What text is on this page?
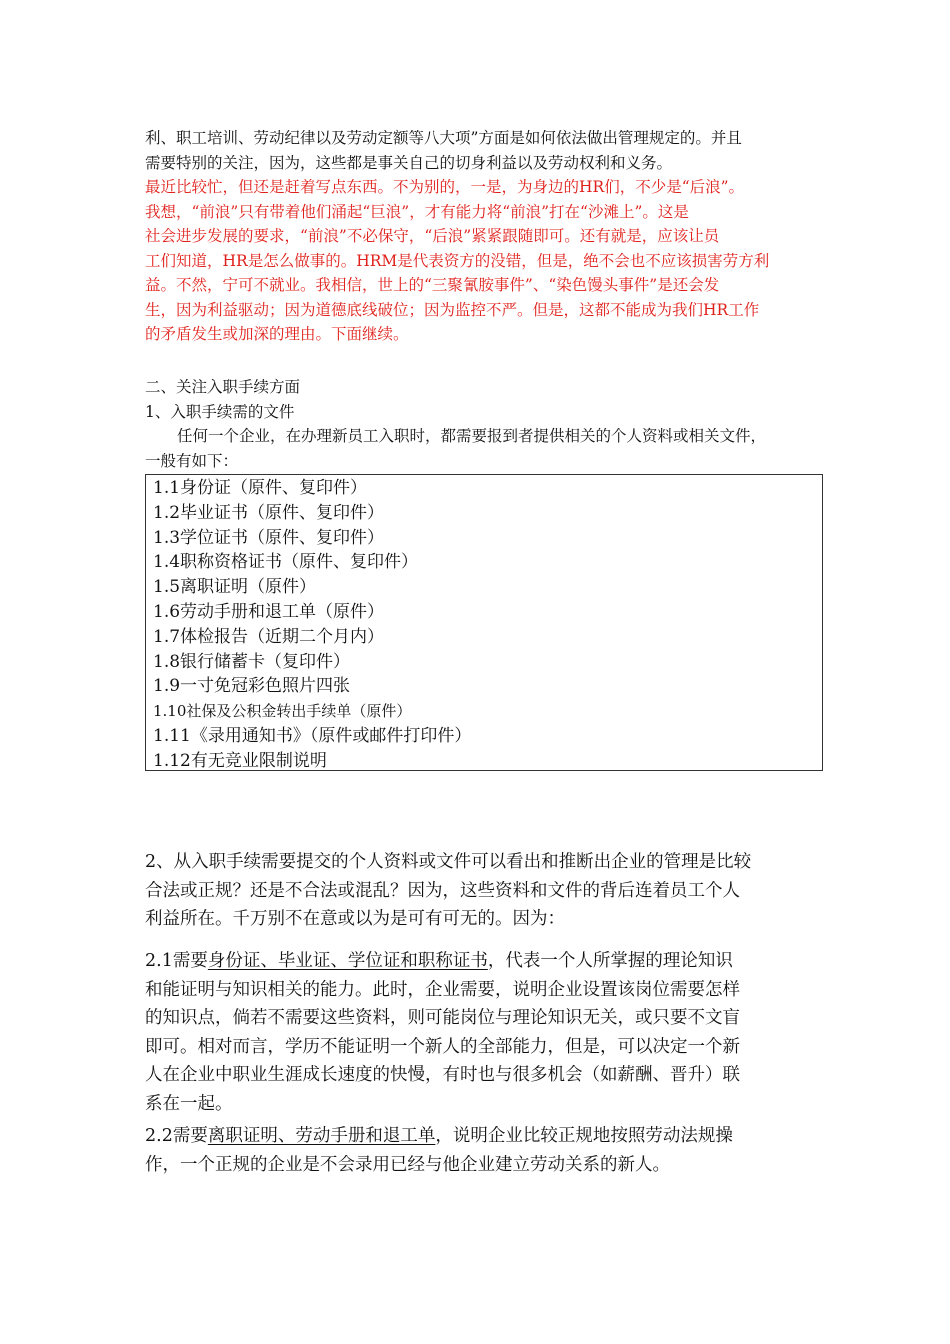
利、职工培训、劳动纪律以及劳动定额等八大项”方面是如何依法做出管理规定的。并且

需要特别的关注，因为，这些都是事关自己的切身利益以及劳动权利和义务。

最近比较忙，但还是赶着写点东西。不为别的，一是，为身边的HR们，不少是“后浪”。

我想，“前浪”只有带着他们涌起“巨浪”，才有能力将“前浪”打在“沙滩上”。这是

社会进步发展的要求，“前浪”不必保守，“后浪”紧紧跟随即可。还有就是，应该让员

工们知道，HR是怎么做事的。HRM是代表资方的没错，但是，绝不会也不应该损害劳方利

益。不然，宁可不就业。我相信，世上的“三聚氰胺事件”、“染色馒头事件”是还会发

生，因为利益驱动；因为道德底线破位；因为监控不严。但是，这都不能成为我们HR工作

的矛盾发生或加深的理由。下面继续。

二、关注入职手续方面

1、入职手续需的文件

任何一个企业，在办理新员工入职时，都需要报到者提供相关的个人资料或相关文件，

一般有如下：

1.1身份证（原件、复印件）
1.2毕业证书（原件、复印件）
1.3学位证书（原件、复印件）
1.4职称资格证书（原件、复印件）
1.5离职证明（原件）
1.6劳动手册和退工单（原件）
1.7体检报告（近期二个月内）
1.8银行储蓄卡（复印件）
1.9一寸免冠彩色照片四张
1.10社保及公积金转出手续单（原件）
1.11《录用通知书》（原件或邮件打印件）
1.12有无竞业限制说明

2、从入职手续需要提交的个人资料或文件可以看出和推断出企业的管理是比较

合法或正规？还是不合法或混乱？因为，这些资料和文件的背后连着员工个人

利益所在。千万别不在意或以为是可有可无的。因为：

2.1需要身份证、毕业证、学位证和职称证书，代表一个人所掌握的理论知识

和能证明与知识相关的能力。此时，企业需要，说明企业设置该岗位需要怎样

的知识点，倘若不需要这些资料，则可能岗位与理论知识无关，或只要不文盲

即可。相对而言，学历不能证明一个新人的全部能力，但是，可以决定一个新

人在企业中职业生涯成长速度的快慢，有时也与很多机会（如薪酬、晋升）联

系在一起。

2.2需要离职证明、劳动手册和退工单，说明企业比较正规地按照劳动法规操

作，一个正规的企业是不会录用已经与他企业建立劳动关系的新人。
